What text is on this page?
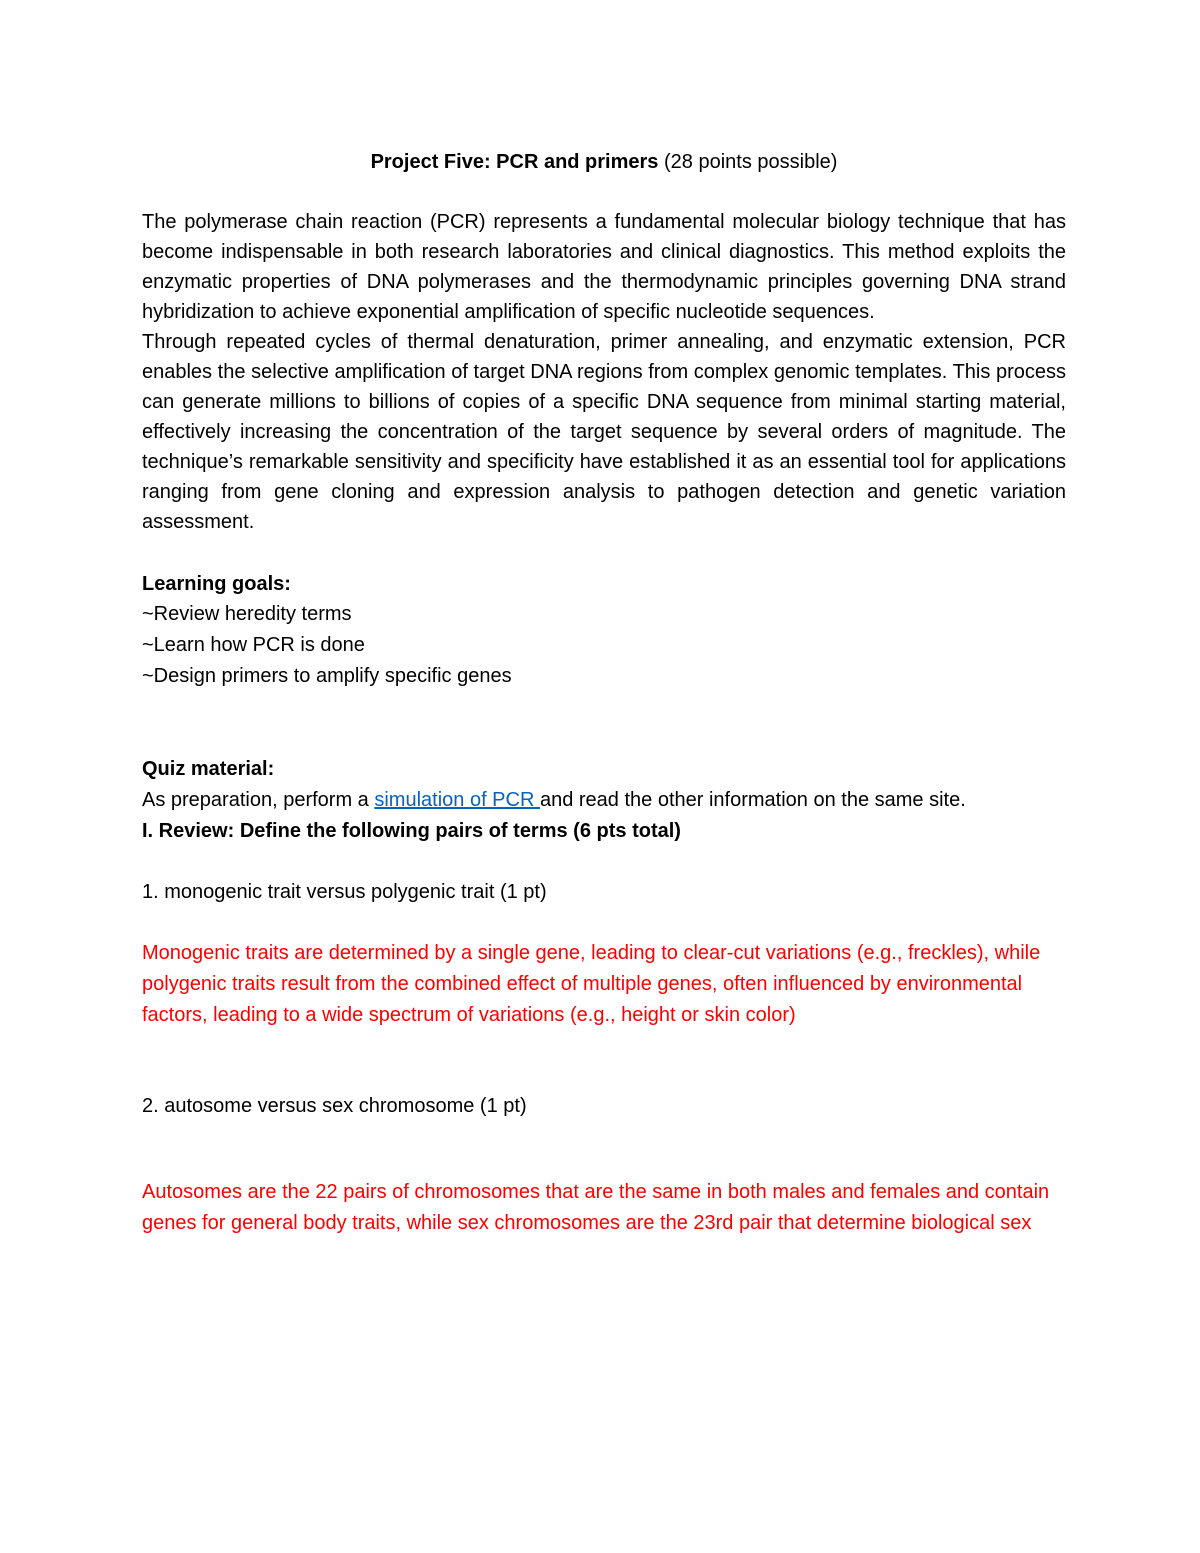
Project Five: PCR and primers (28 points possible)

The polymerase chain reaction (PCR) represents a fundamental molecular biology technique that has become indispensable in both research laboratories and clinical diagnostics. This method exploits the enzymatic properties of DNA polymerases and the thermodynamic principles governing DNA strand hybridization to achieve exponential amplification of specific nucleotide sequences.

Through repeated cycles of thermal denaturation, primer annealing, and enzymatic extension, PCR enables the selective amplification of target DNA regions from complex genomic templates. This process can generate millions to billions of copies of a specific DNA sequence from minimal starting material, effectively increasing the concentration of the target sequence by several orders of magnitude. The technique’s remarkable sensitivity and specificity have established it as an essential tool for applications ranging from gene cloning and expression analysis to pathogen detection and genetic variation assessment.

Learning goals:

~Review heredity terms
~Learn how PCR is done
~Design primers to amplify specific genes

Quiz material:

As preparation, perform a simulation of PCR and read the other information on the same site.

I. Review: Define the following pairs of terms (6 pts total)

1. monogenic trait versus polygenic trait (1 pt)

Monogenic traits are determined by a single gene, leading to clear-cut variations (e.g., freckles), while polygenic traits result from the combined effect of multiple genes, often influenced by environmental factors, leading to a wide spectrum of variations (e.g., height or skin color)

2. autosome versus sex chromosome (1 pt)

Autosomes are the 22 pairs of chromosomes that are the same in both males and females and contain genes for general body traits, while sex chromosomes are the 23rd pair that determine biological sex
